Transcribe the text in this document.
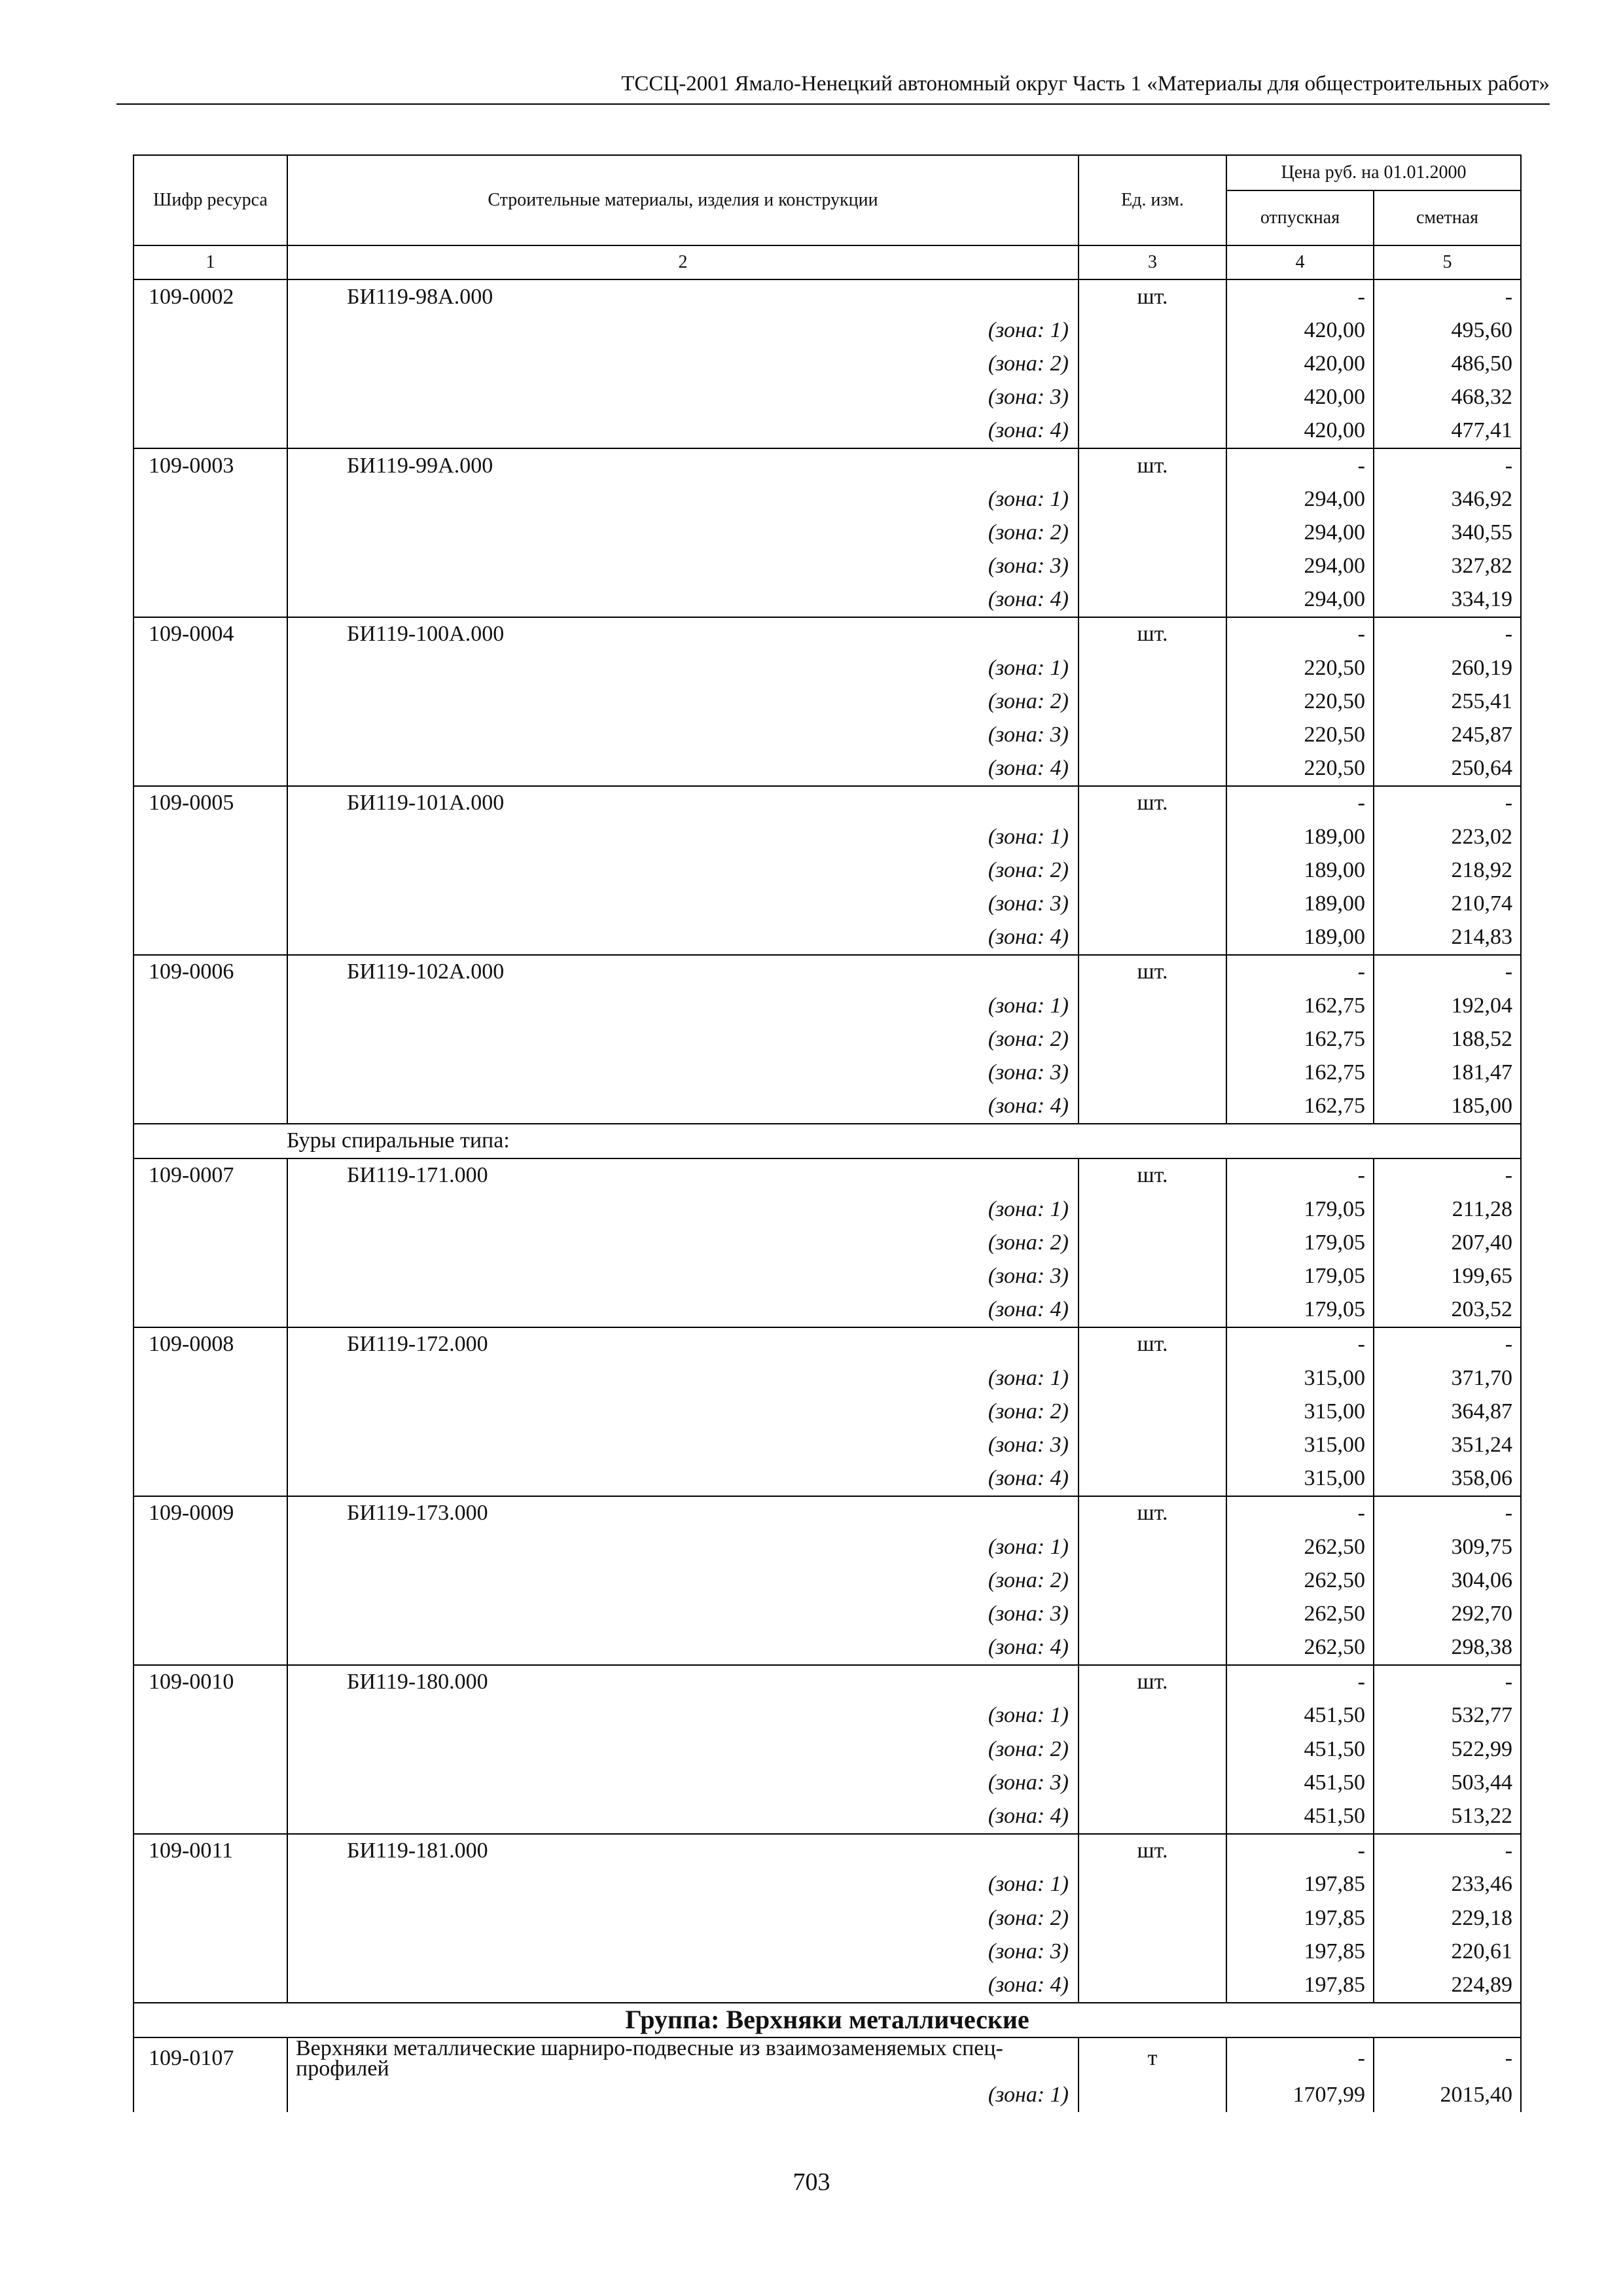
ТССЦ-2001 Ямало-Ненецкий автономный округ Часть 1 «Материалы для общестроительных работ»
Шифр ресурса	Строительные материалы, изделия и конструкции	Ед. изм.	Цена руб. на 01.01.2000	
			отпускная	сметная
1	2	3	4	5
109-0002	БИ119-98А.000	шт.	-	-
	(зона: 1)		420,00	495,60
	(зона: 2)		420,00	486,50
	(зона: 3)		420,00	468,32
	(зона: 4)		420,00	477,41
109-0003	БИ119-99А.000	шт.	-	-
	(зона: 1)		294,00	346,92
	(зона: 2)		294,00	340,55
	(зона: 3)		294,00	327,82
	(зона: 4)		294,00	334,19
109-0004	БИ119-100А.000	шт.	-	-
	(зона: 1)		220,50	260,19
	(зона: 2)		220,50	255,41
	(зона: 3)		220,50	245,87
	(зона: 4)		220,50	250,64
109-0005	БИ119-101А.000	шт.	-	-
	(зона: 1)		189,00	223,02
	(зона: 2)		189,00	218,92
	(зона: 3)		189,00	210,74
	(зона: 4)		189,00	214,83
109-0006	БИ119-102А.000	шт.	-	-
	(зона: 1)		162,75	192,04
	(зона: 2)		162,75	188,52
	(зона: 3)		162,75	181,47
	(зона: 4)		162,75	185,00
Буры спиральные типа:				
109-0007	БИ119-171.000	шт.	-	-
	(зона: 1)		179,05	211,28
	(зона: 2)		179,05	207,40
	(зона: 3)		179,05	199,65
	(зона: 4)		179,05	203,52
109-0008	БИ119-172.000	шт.	-	-
	(зона: 1)		315,00	371,70
	(зона: 2)		315,00	364,87
	(зона: 3)		315,00	351,24
	(зона: 4)		315,00	358,06
109-0009	БИ119-173.000	шт.	-	-
	(зона: 1)		262,50	309,75
	(зона: 2)		262,50	304,06
	(зона: 3)		262,50	292,70
	(зона: 4)		262,50	298,38
109-0010	БИ119-180.000	шт.	-	-
	(зона: 1)		451,50	532,77
	(зона: 2)		451,50	522,99
	(зона: 3)		451,50	503,44
	(зона: 4)		451,50	513,22
109-0011	БИ119-181.000	шт.	-	-
	(зона: 1)		197,85	233,46
	(зона: 2)		197,85	229,18
	(зона: 3)		197,85	220,61
	(зона: 4)		197,85	224,89
Группа: Верхняки металлические				
109-0107	Верхняки металлические шарниро-подвесные из взаимозаменяемых спец-профилей	т	-	-
	(зона: 1)		1707,99	2015,40
703
